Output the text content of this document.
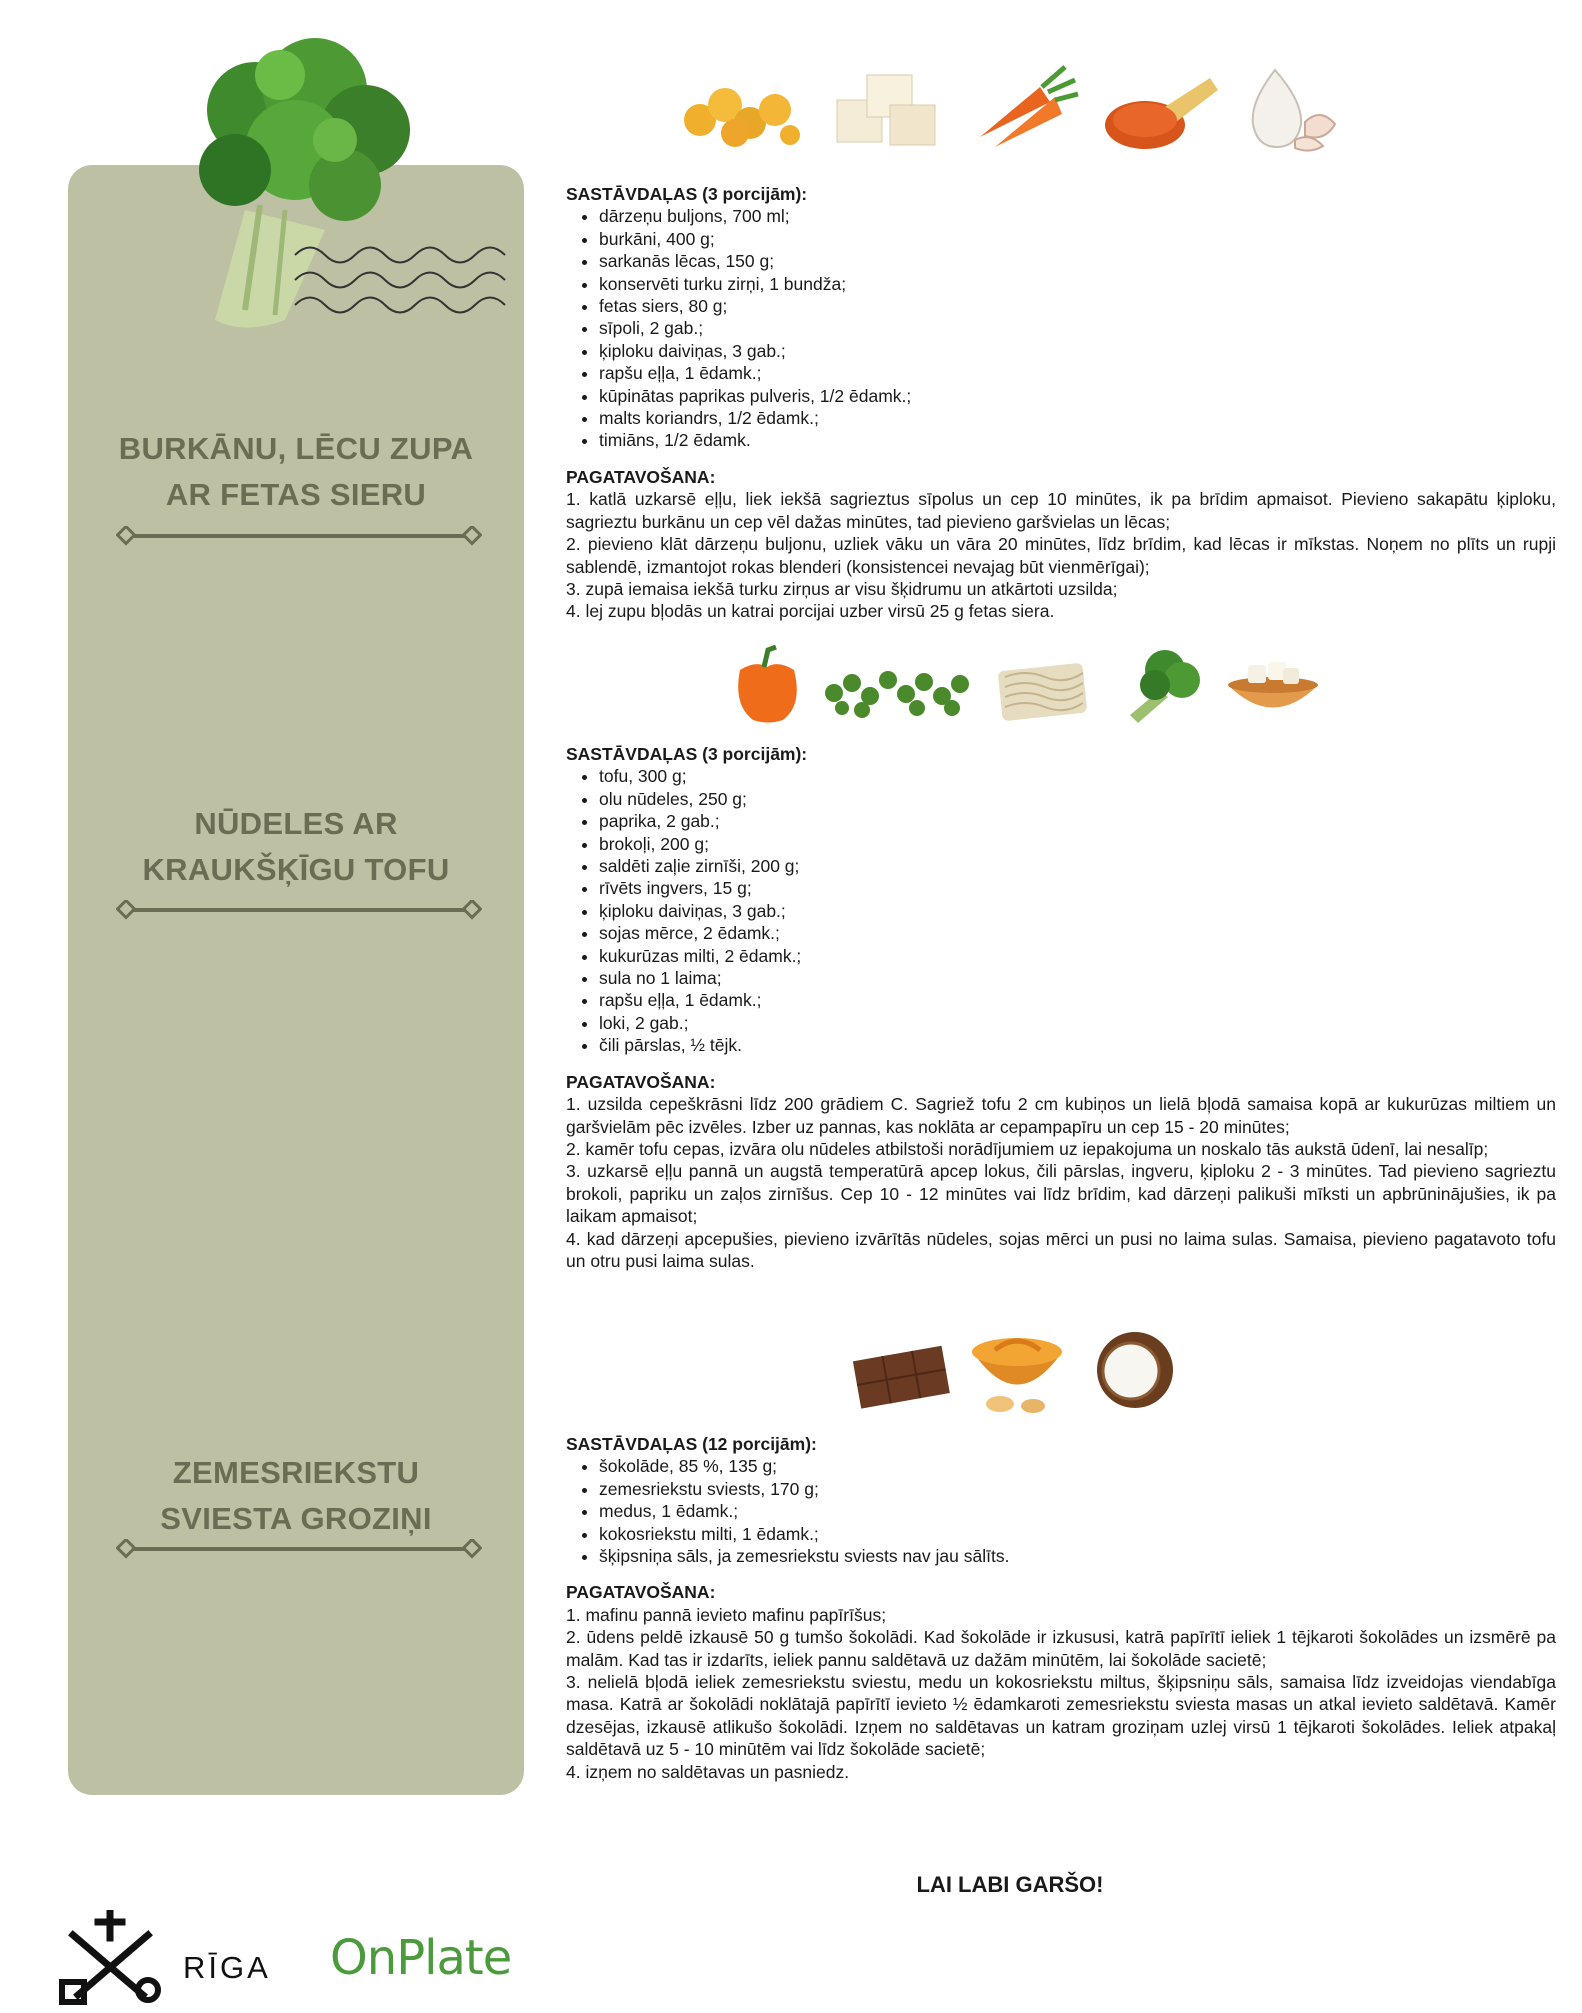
BURKĀNU, LĒCU ZUPA
AR FETAS SIERU
NŪDELES AR
KRAUKŠĶĪGU TOFU
ZEMESRIEKSTU
SVIESTA GROZIŅI

SASTĀVDAĻAS (3 porcijām):

• dārzeņu buljons, 700 ml;
• burkāni, 400 g;
• sarkanās lēcas, 150 g;
• konservēti turku zirņi, 1 bundža;
• fetas siers, 80 g;
• sīpoli, 2 gab.;
• ķiploku daiviņas, 3 gab.;
• rapšu eļļa, 1 ēdamk.;
• kūpinātas paprikas pulveris, 1/2 ēdamk.;
• malts koriandrs, 1/2 ēdamk.;
• timiāns, 1/2 ēdamk.

PAGATAVOŠANA:

1. katlā uzkarsē eļļu, liek iekšā sagrieztus sīpolus un cep 10 minūtes, ik pa brīdim apmaisot. Pievieno sakapātu ķiploku, sagrieztu burkānu un cep vēl dažas minūtes, tad pievieno garšvielas un lēcas;

2. pievieno klāt dārzeņu buljonu, uzliek vāku un vāra 20 minūtes, līdz brīdim, kad lēcas ir mīkstas. Noņem no plīts un rupji sablendē, izmantojot rokas blenderi (konsistencei nevajag būt vienmērīgai);

3. zupā iemaisa iekšā turku zirņus ar visu šķidrumu un atkārtoti uzsilda;

4. lej zupu bļodās un katrai porcijai uzber virsū 25 g fetas siera.

SASTĀVDAĻAS (3 porcijām):

• tofu, 300 g;
• olu nūdeles, 250 g;
• paprika, 2 gab.;
• brokoļi, 200 g;
• saldēti zaļie zirnīši, 200 g;
• rīvēts ingvers, 15 g;
• ķiploku daiviņas, 3 gab.;
• sojas mērce, 2 ēdamk.;
• kukurūzas milti, 2 ēdamk.;
• sula no 1 laima;
• rapšu eļļa, 1 ēdamk.;
• loki, 2 gab.;
• čili pārslas, ½ tējk.

PAGATAVOŠANA:

1. uzsilda cepeškrāsni līdz 200 grādiem C. Sagriež tofu 2 cm kubiņos un lielā bļodā samaisa kopā ar kukurūzas miltiem un garšvielām pēc izvēles. Izber uz pannas, kas noklāta ar cepampapīru un cep 15 - 20 minūtes;

2. kamēr tofu cepas, izvāra olu nūdeles atbilstoši norādījumiem uz iepakojuma un noskalo tās aukstā ūdenī, lai nesalīp;

3. uzkarsē eļļu pannā un augstā temperatūrā apcep lokus, čili pārslas, ingveru, ķiploku 2 - 3 minūtes. Tad pievieno sagrieztu brokoli, papriku un zaļos zirnīšus. Cep 10 - 12 minūtes vai līdz brīdim, kad dārzeņi palikuši mīksti un apbrūninājušies, ik pa laikam apmaisot;

4. kad dārzeņi apcepušies, pievieno izvārītās nūdeles, sojas mērci un pusi no laima sulas. Samaisa, pievieno pagatavoto tofu un otru pusi laima sulas.

SASTĀVDAĻAS (12 porcijām):

• šokolāde, 85 %, 135 g;
• zemesriekstu sviests, 170 g;
• medus, 1 ēdamk.;
• kokosriekstu milti, 1 ēdamk.;
• šķipsniņa sāls, ja zemesriekstu sviests nav jau sālīts.

PAGATAVOŠANA:

1. mafinu pannā ievieto mafinu papīrīšus;

2. ūdens peldē izkausē 50 g tumšo šokolādi. Kad šokolāde ir izkususi, katrā papīrītī ieliek 1 tējkaroti šokolādes un izsmērē pa malām. Kad tas ir izdarīts, ieliek pannu saldētavā uz dažām minūtēm, lai šokolāde sacietē;

3. nelielā bļodā ieliek zemesriekstu sviestu, medu un kokosriekstu miltus, šķipsniņu sāls, samaisa līdz izveidojas viendabīga masa. Katrā ar šokolādi noklātajā papīrītī ievieto ½ ēdamkaroti zemesriekstu sviesta masas un atkal ievieto saldētavā. Kamēr dzesējas, izkausē atlikušo šokolādi. Izņem no saldētavas un katram groziņam uzlej virsū 1 tējkaroti šokolādes. Ieliek atpakaļ saldētavā uz 5 - 10 minūtēm vai līdz šokolāde sacietē;

4. izņem no saldētavas un pasniedz.

LAI LABI GARŠO!
RĪGA OnPlate
